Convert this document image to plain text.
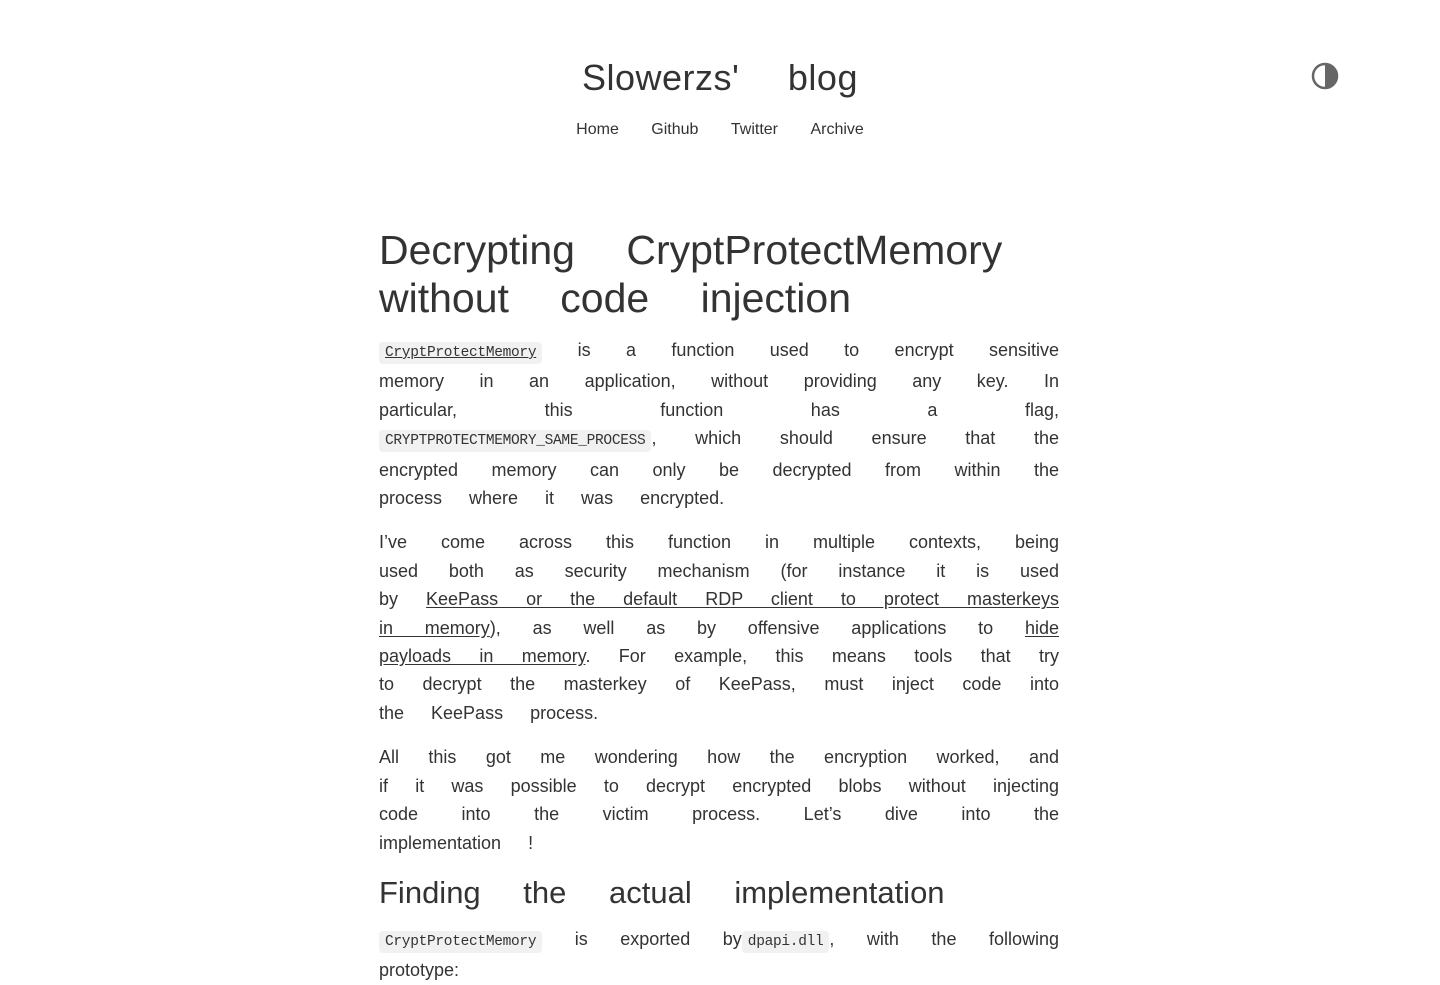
Slowerzs' blog
Home Github Twitter Archive
Decrypting CryptProtectMemory without code injection

CryptProtectMemory is a function used to encrypt sensitive memory in an application, without providing any key. In particular, this function has a flag, CRYPTPROTECTMEMORY_SAME_PROCESS , which should ensure that the encrypted memory can only be decrypted from within the process where it was encrypted.

I’ve come across this function in multiple contexts, being used both as security mechanism (for instance it is used by KeePass or the default RDP client to protect masterkeys in memory), as well as by offensive applications to hide payloads in memory. For example, this means tools that try to decrypt the masterkey of KeePass, must inject code into the KeePass process.

All this got me wondering how the encryption worked, and if it was possible to decrypt encrypted blobs without injecting code into the victim process. Let’s dive into the implementation !

Finding the actual implementation

CryptProtectMemory is exported by dpapi.dll , with the following prototype:
